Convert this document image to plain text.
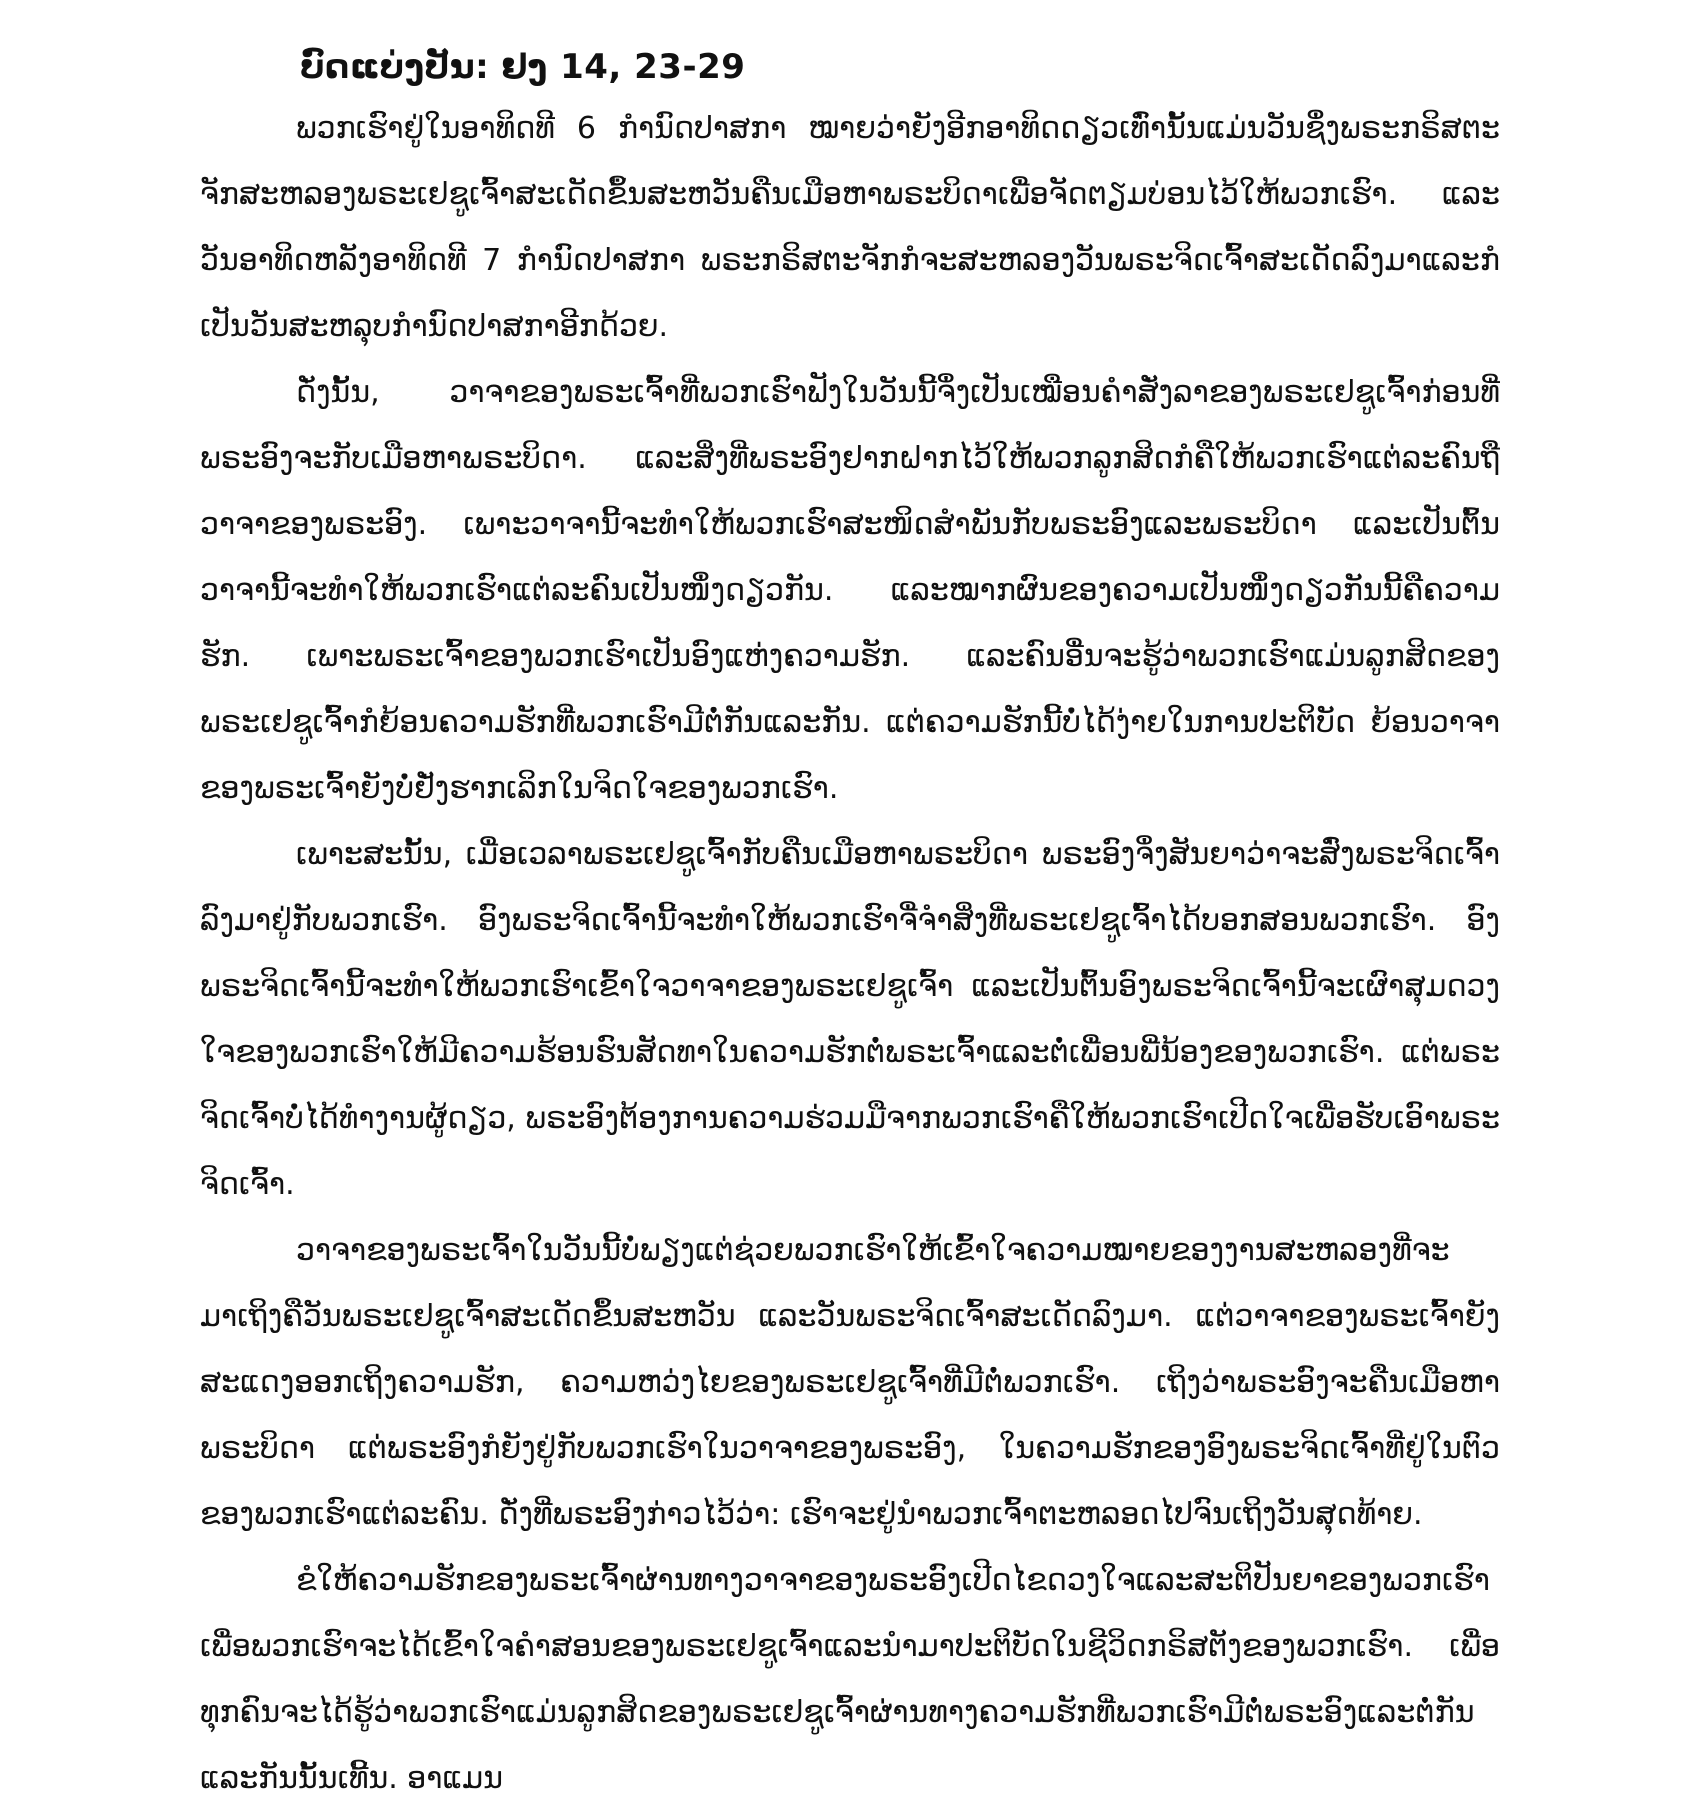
ບົດແບ່ງປັນ: ຢງ 14, 23-29

ພວກເຮົາຢູ່ໃນອາທິດທີ 6 ກຳນົດປາສກາ ໝາຍວ່າຍັງອີກອາທິດດຽວເທົ່ານັ້ນແມ່ນວັນຊຶ່ງພຣະກຣິສຕະຈັກສະຫລອງພຣະເຢຊູເຈົ້າສະເດັດຂຶ້ນສະຫວັນຄືນເມືອຫາພຣະບິດາເພື່ອຈັດຕຽມບ່ອນໄວ້ໃຫ້ພວກເຮົາ. ແລະວັນອາທິດຫລັງອາທິດທີ 7 ກຳນົດປາສກາ ພຣະກຣິສຕະຈັກກໍຈະສະຫລອງວັນພຣະຈິດເຈົ້າສະເດັດລົງມາແລະກໍເປັນວັນສະຫລຸບກຳນົດປາສກາອີກດ້ວຍ.

ດັ່ງນັ້ນ, ວາຈາຂອງພຣະເຈົ້າທີ່ພວກເຮົາຟັງໃນວັນນີ້ຈຶ່ງເປັນເໝືອນຄຳສັ່ງລາຂອງພຣະເຢຊູເຈົ້າກ່ອນທີ່ພຣະອົງຈະກັບເມືອຫາພຣະບິດາ. ແລະສິ່ງທີ່ພຣະອົງຢາກຝາກໄວ້ໃຫ້ພວກລູກສິດກໍຄືໃຫ້ພວກເຮົາແຕ່ລະຄົນຖືວາຈາຂອງພຣະອົງ. ເພາະວາຈານີ້ຈະທຳໃຫ້ພວກເຮົາສະໜິດສຳພັນກັບພຣະອົງແລະພຣະບິດາ ແລະເປັນຕົ້ນວາຈານີ້ຈະທຳໃຫ້ພວກເຮົາແຕ່ລະຄົນເປັນໜຶ່ງດຽວກັນ. ແລະໝາກຜົນຂອງຄວາມເປັນໜຶ່ງດຽວກັນນີ້ຄືຄວາມຮັກ. ເພາະພຣະເຈົ້າຂອງພວກເຮົາເປັນອົງແຫ່ງຄວາມຮັກ. ແລະຄົນອື່ນຈະຮູ້ວ່າພວກເຮົາແມ່ນລູກສິດຂອງພຣະເຢຊູເຈົ້າກໍຍ້ອນຄວາມຮັກທີ່ພວກເຮົາມີຕໍ່ກັນແລະກັນ. ແຕ່ຄວາມຮັກນີ້ບໍ່ໄດ້ງ່າຍໃນການປະຕິບັດ ຍ້ອນວາຈາຂອງພຣະເຈົ້າຍັງບໍ່ຢັ່ງຮາກເລິກໃນຈິດໃຈຂອງພວກເຮົາ.

ເພາະສະນັ້ນ, ເມື່ອເວລາພຣະເຢຊູເຈົ້າກັບຄືນເມືອຫາພຣະບິດາ ພຣະອົງຈຶ່ງສັນຍາວ່າຈະສົ່ງພຣະຈິດເຈົ້າລົງມາຢູ່ກັບພວກເຮົາ. ອົງພຣະຈິດເຈົ້ານີ້ຈະທຳໃຫ້ພວກເຮົາຈື່ຈຳສິ່ງທີ່ພຣະເຢຊູເຈົ້າໄດ້ບອກສອນພວກເຮົາ. ອົງພຣະຈິດເຈົ້ານີ້ຈະທຳໃຫ້ພວກເຮົາເຂົ້າໃຈວາຈາຂອງພຣະເຢຊູເຈົ້າ ແລະເປັນຕົ້ນອົງພຣະຈິດເຈົ້ານີ້ຈະເຜົາສຸມດວງໃຈຂອງພວກເຮົາໃຫ້ມີຄວາມຮ້ອນຮົນສັດທາໃນຄວາມຮັກຕໍ່ພຣະເຈົ້າແລະຕໍ່ເພື່ອນພີ່ນ້ອງຂອງພວກເຮົາ. ແຕ່ພຣະຈິດເຈົ້າບໍ່ໄດ້ທຳງານຜູ້ດຽວ, ພຣະອົງຕ້ອງການຄວາມຮ່ວມມືຈາກພວກເຮົາຄືໃຫ້ພວກເຮົາເປີດໃຈເພື່ອຮັບເອົາພຣະຈິດເຈົ້າ.

ວາຈາຂອງພຣະເຈົ້າໃນວັນນີ້ບໍ່ພຽງແຕ່ຊ່ວຍພວກເຮົາໃຫ້ເຂົ້າໃຈຄວາມໝາຍຂອງງານສະຫລອງທີ່ຈະມາເຖິງຄືວັນພຣະເຢຊູເຈົ້າສະເດັດຂຶ້ນສະຫວັນ ແລະວັນພຣະຈິດເຈົ້າສະເດັດລົງມາ. ແຕ່ວາຈາຂອງພຣະເຈົ້າຍັງສະແດງອອກເຖິງຄວາມຮັກ, ຄວາມຫວ່ງໄຍຂອງພຣະເຢຊູເຈົ້າທີ່ມີຕໍ່ພວກເຮົາ. ເຖິງວ່າພຣະອົງຈະຄືນເມືອຫາພຣະບິດາ ແຕ່ພຣະອົງກໍຍັງຢູ່ກັບພວກເຮົາໃນວາຈາຂອງພຣະອົງ, ໃນຄວາມຮັກຂອງອົງພຣະຈິດເຈົ້າທີ່ຢູ່ໃນຕົວຂອງພວກເຮົາແຕ່ລະຄົນ. ດັ່ງທີ່ພຣະອົງກ່າວໄວ້ວ່າ: ເຮົາຈະຢູ່ນຳພວກເຈົ້າຕະຫລອດໄປຈົນເຖິງວັນສຸດທ້າຍ.

ຂໍໃຫ້ຄວາມຮັກຂອງພຣະເຈົ້າຜ່ານທາງວາຈາຂອງພຣະອົງເປີດໄຂດວງໃຈແລະສະຕິປັນຍາຂອງພວກເຮົາ ເພື່ອພວກເຮົາຈະໄດ້ເຂົ້າໃຈຄຳສອນຂອງພຣະເຢຊູເຈົ້າແລະນຳມາປະຕິບັດໃນຊີວິດກຣິສຕັງຂອງພວກເຮົາ. ເພື່ອທຸກຄົນຈະໄດ້ຮູ້ວ່າພວກເຮົາແມ່ນລູກສິດຂອງພຣະເຢຊູເຈົ້າຜ່ານທາງຄວາມຮັກທີ່ພວກເຮົາມີຕໍ່ພຣະອົງແລະຕໍ່ກັນແລະກັນນັ້ນເທີ້ນ. ອາແມນ
